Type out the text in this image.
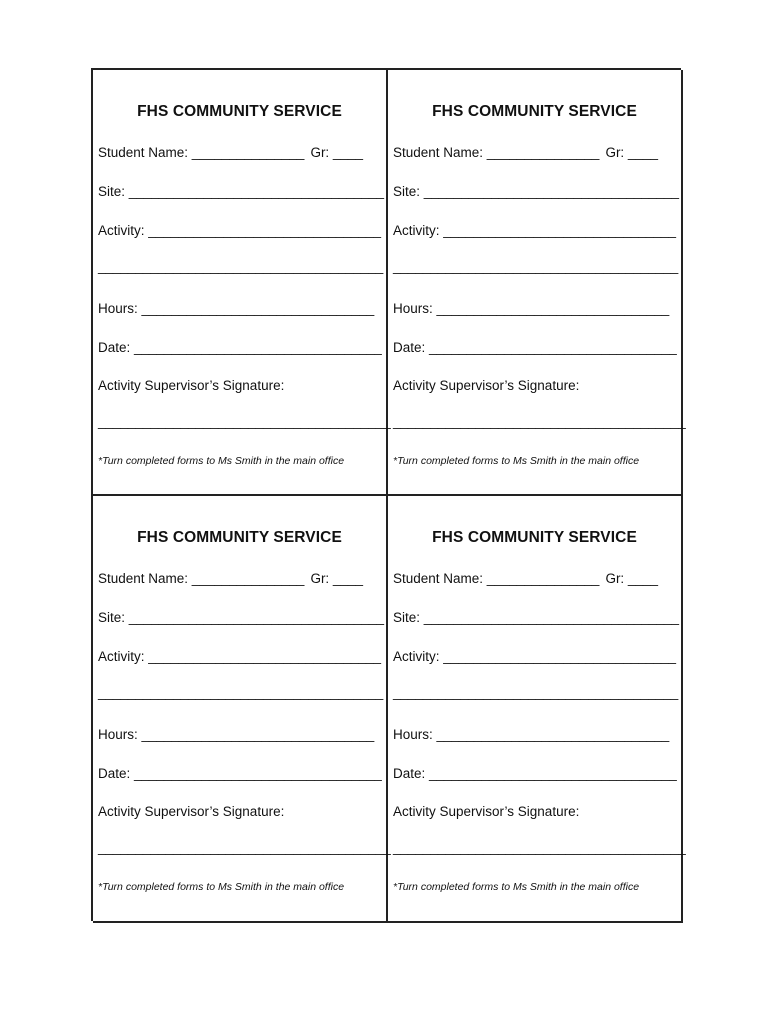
FHS COMMUNITY SERVICE
Student Name: _______________ Gr: ____
Site: __________________________________
Activity: _______________________________
______________________________________
Hours: _______________________________
Date: _________________________________
Activity Supervisor’s Signature:
_______________________________________
*Turn completed forms to Ms Smith in the main office
FHS COMMUNITY SERVICE
Student Name: _______________ Gr: ____
Site: __________________________________
Activity: _______________________________
______________________________________
Hours: _______________________________
Date: _________________________________
Activity Supervisor’s Signature:
_______________________________________
*Turn completed forms to Ms Smith in the main office
FHS COMMUNITY SERVICE
Student Name: _______________ Gr: ____
Site: __________________________________
Activity: _______________________________
______________________________________
Hours: _______________________________
Date: _________________________________
Activity Supervisor’s Signature:
_______________________________________
*Turn completed forms to Ms Smith in the main office
FHS COMMUNITY SERVICE
Student Name: _______________ Gr: ____
Site: __________________________________
Activity: _______________________________
______________________________________
Hours: _______________________________
Date: _________________________________
Activity Supervisor’s Signature:
_______________________________________
*Turn completed forms to Ms Smith in the main office
